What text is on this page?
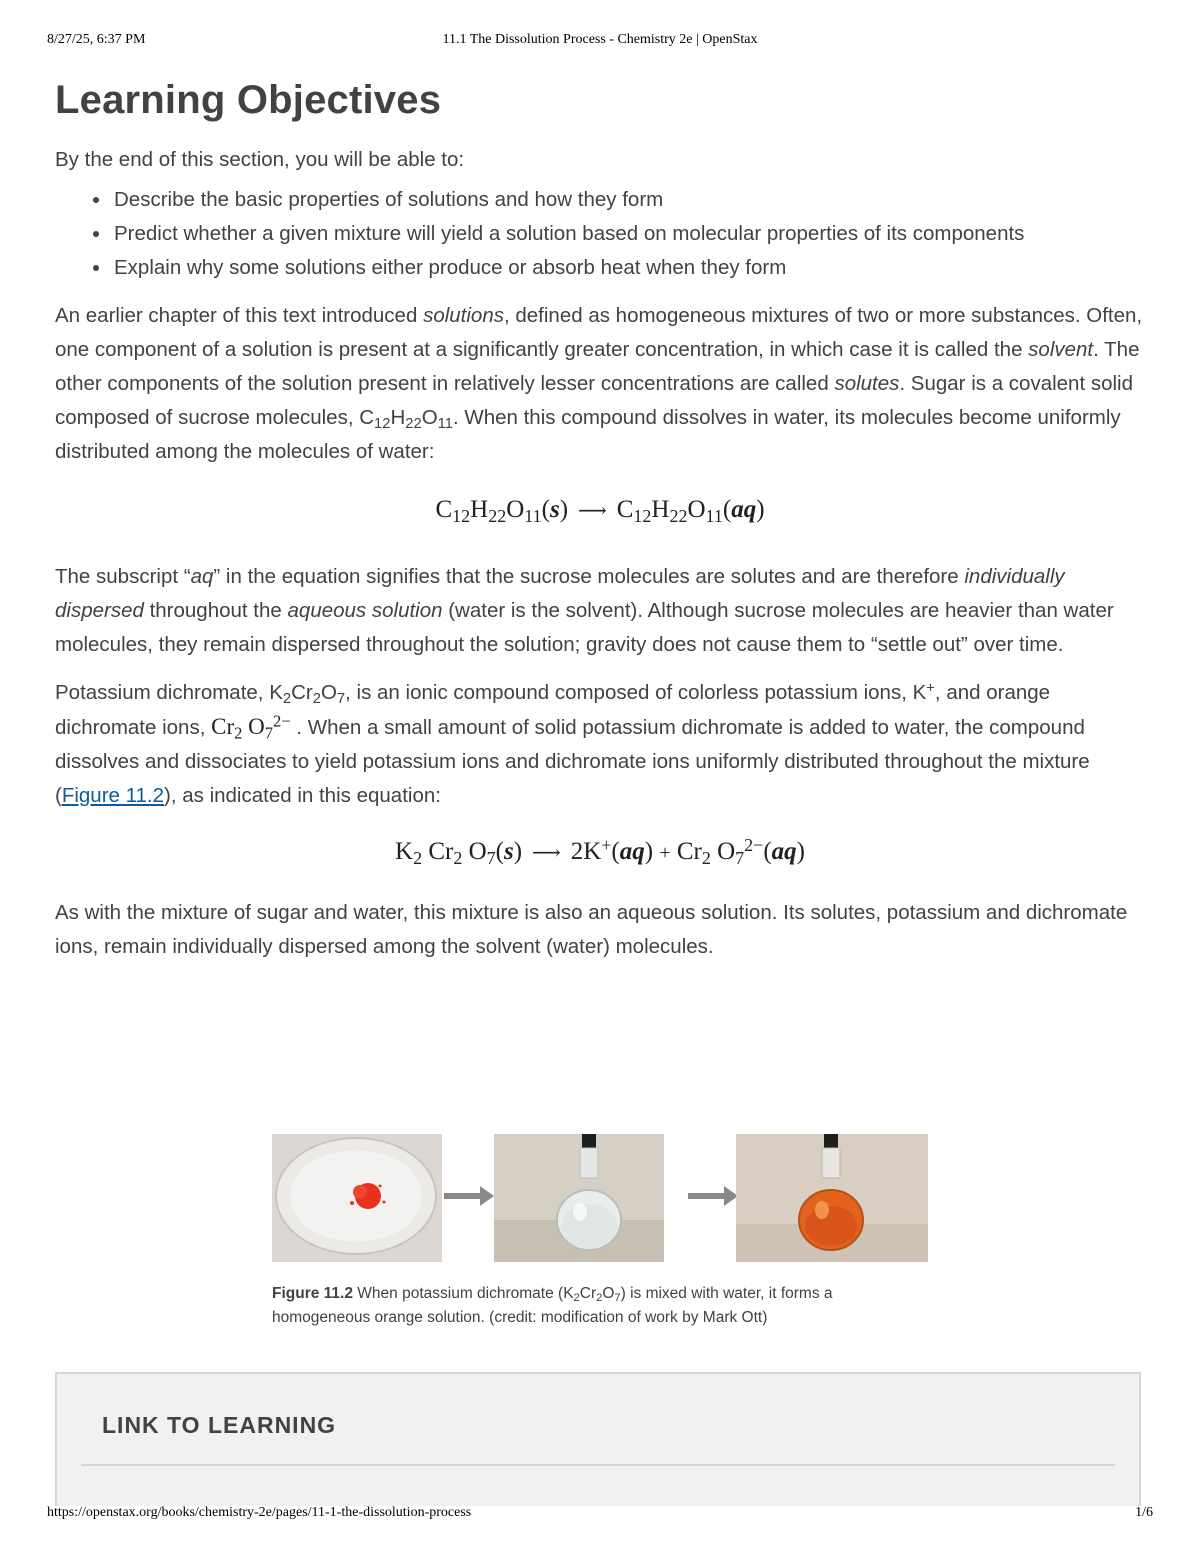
8/27/25, 6:37 PM	11.1 The Dissolution Process - Chemistry 2e | OpenStax
Learning Objectives

By the end of this section, you will be able to:

• Describe the basic properties of solutions and how they form
• Predict whether a given mixture will yield a solution based on molecular properties of its components
• Explain why some solutions either produce or absorb heat when they form

An earlier chapter of this text introduced solutions, defined as homogeneous mixtures of two or more substances. Often, one component of a solution is present at a significantly greater concentration, in which case it is called the solvent. The other components of the solution present in relatively lesser concentrations are called solutes. Sugar is a covalent solid composed of sucrose molecules, $C_{12}H_{22}O_{11}$. When this compound dissolves in water, its molecules become uniformly distributed among the molecules of water:

$C_{12}H_{22}O_{11}(s)$ ⟶ $C_{12}H_{22}O_{11}(aq)$

The subscript “aq” in the equation signifies that the sucrose molecules are solutes and are therefore individually dispersed throughout the aqueous solution (water is the solvent). Although sucrose molecules are heavier than water molecules, they remain dispersed throughout the solution; gravity does not cause them to “settle out” over time.

Potassium dichromate, $K_2Cr_2O_7$, is an ionic compound composed of colorless potassium ions, K+, and orange dichromate ions, $Cr_2$ $O_7^{2-}$ . When a small amount of solid potassium dichromate is added to water, the compound dissolves and dissociates to yield potassium ions and dichromate ions uniformly distributed throughout the mixture (Figure 11.2), as indicated in this equation:

$K_2$ $Cr_2$ $O_7(s)$ ⟶ $2K^+(aq) + Cr_2$ $O_7^{2-}(aq)$

As with the mixture of sugar and water, this mixture is also an aqueous solution. Its solutes, potassium and dichromate ions, remain individually dispersed among the solvent (water) molecules.

Figure 11.2 When potassium dichromate $(K_2Cr_2O_7)$ is mixed with water, it forms a homogeneous orange solution. (credit: modification of work by Mark Ott)
LINK TO LEARNING
https://openstax.org/books/chemistry-2e/pages/11-1-the-dissolution-process	1/6
